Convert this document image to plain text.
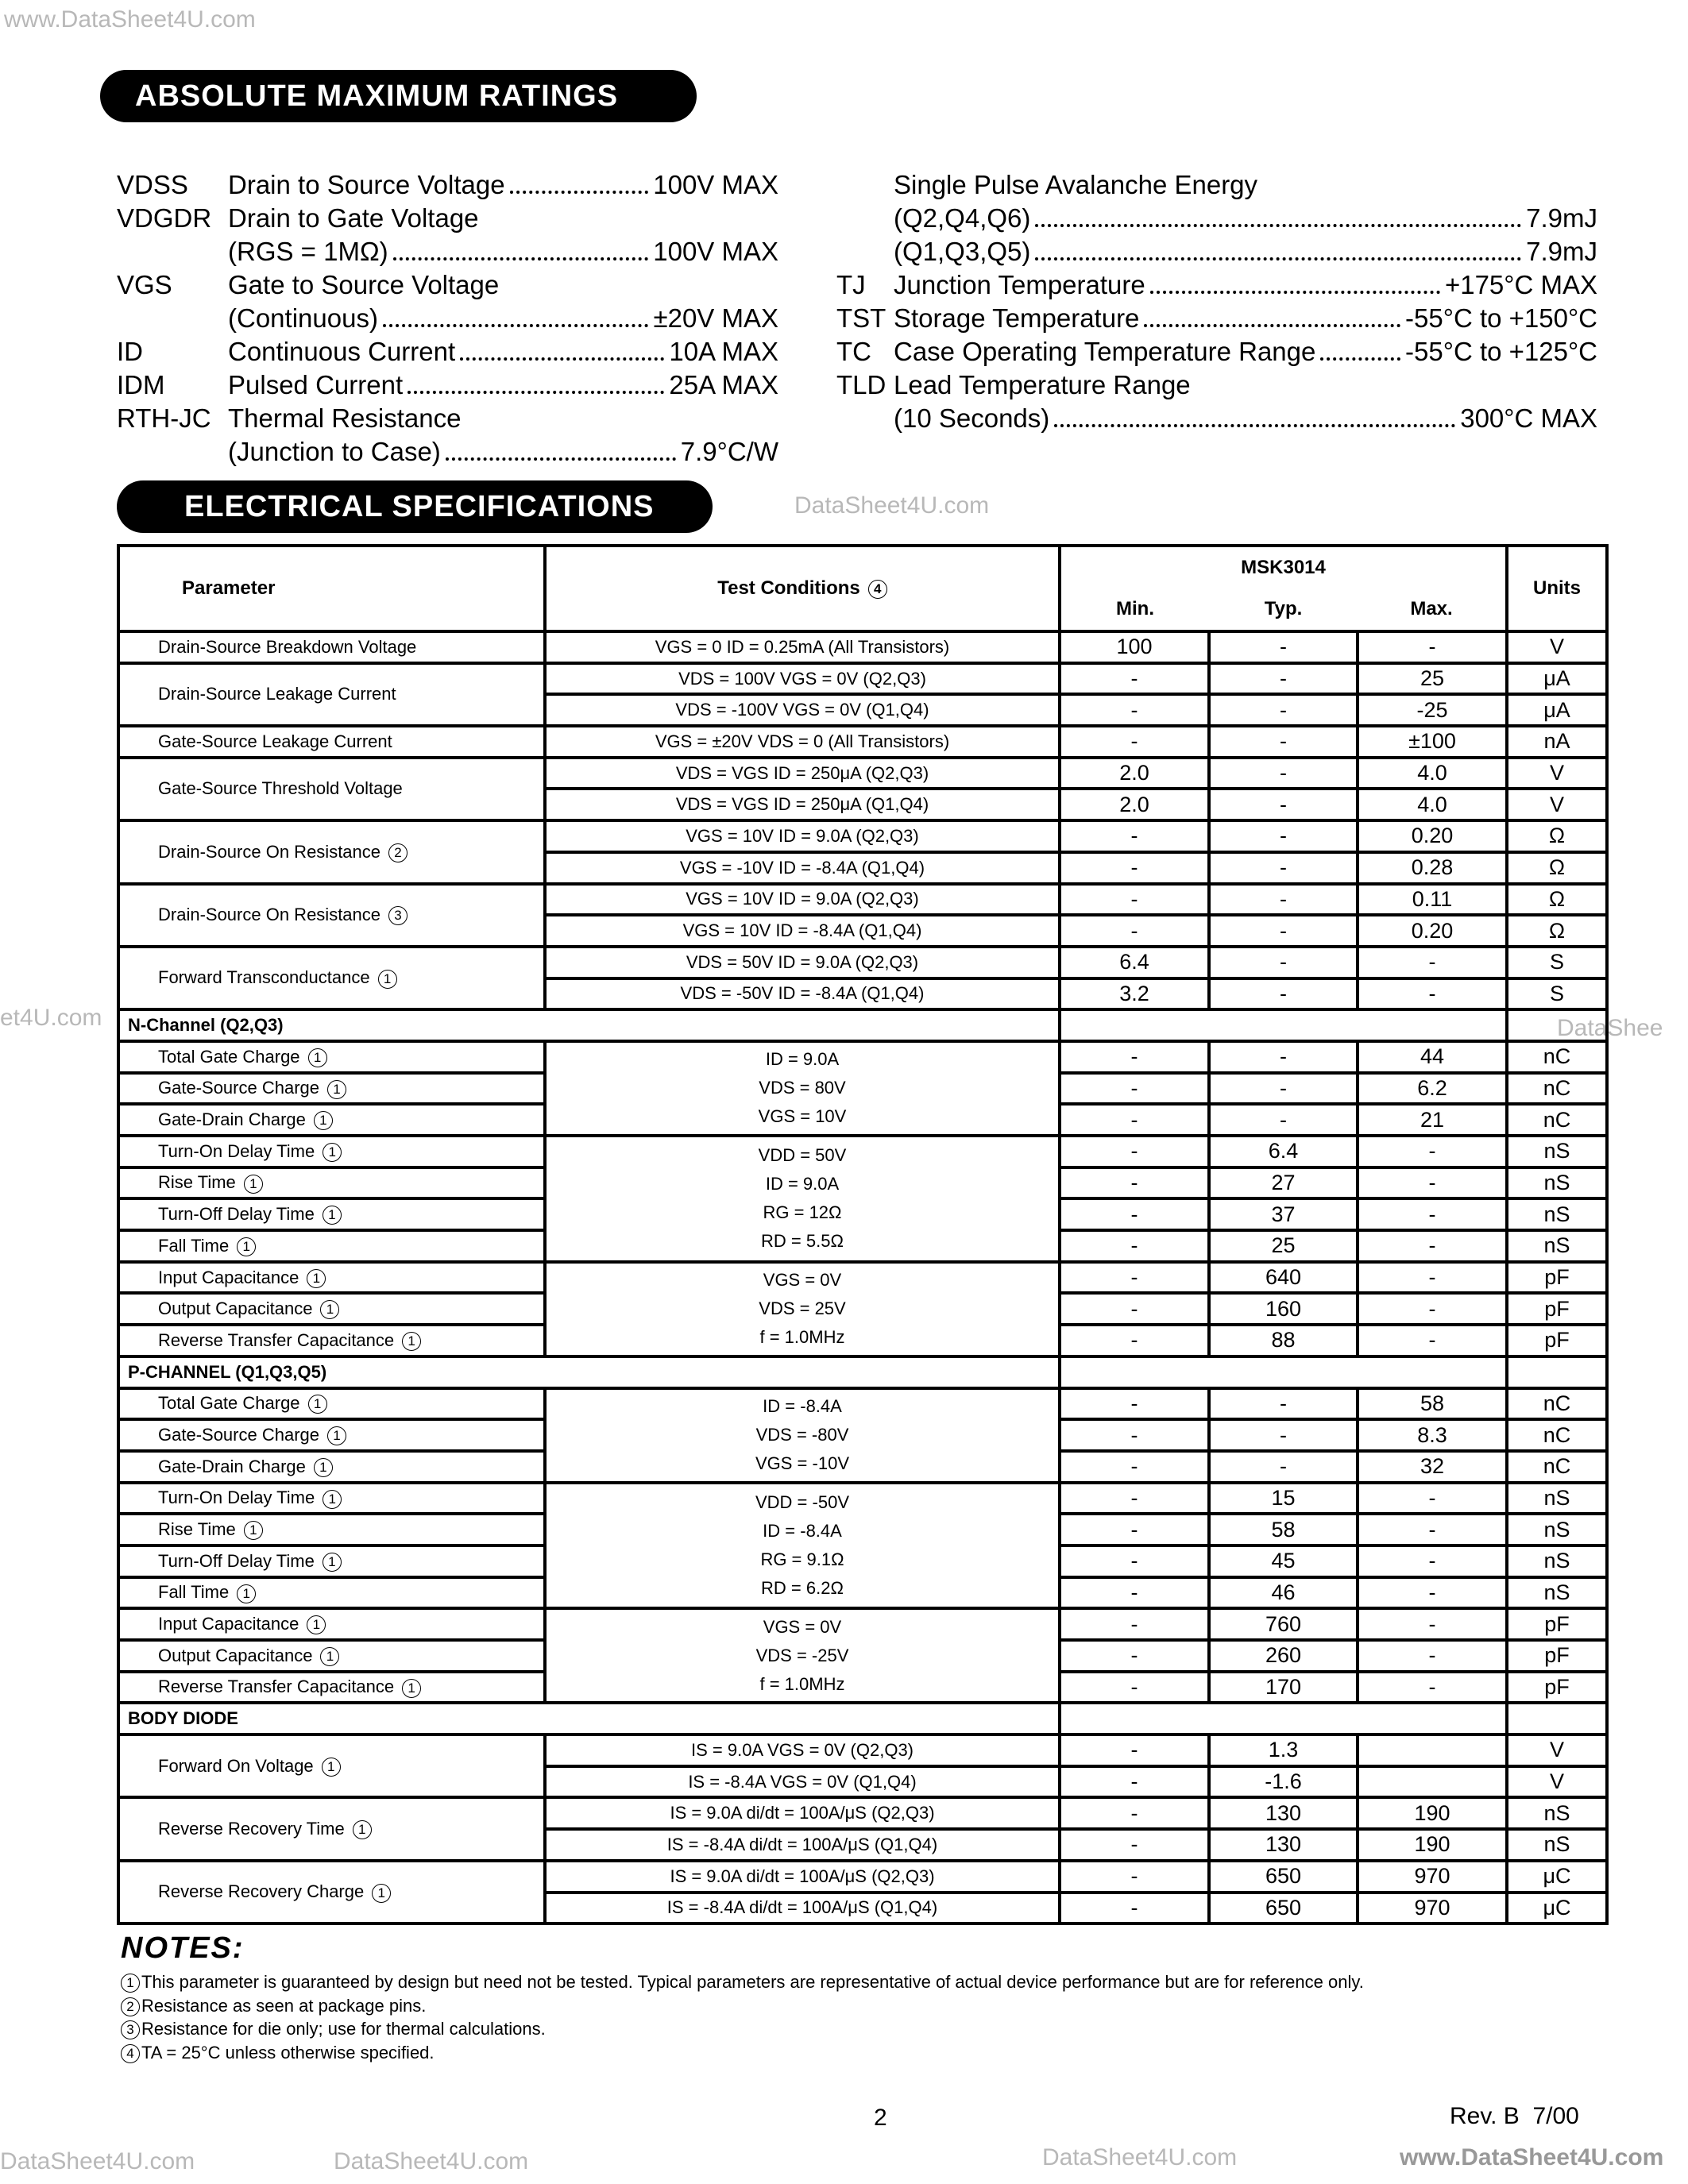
www.DataSheet4U.com
et4U.com	DataShee
DataSheet4U.com
DataSheet4U.com	www.DataSheet4U.com
DataSheet4U.com
DataSheet4U.com
ABSOLUTE MAXIMUM RATINGS
VDSS	Drain to Source Voltage	100V MAX
VDGDR Drain to Gate Voltage
(RGS = 1MΩ)	100V MAX
VGS	Gate to Source Voltage
(Continuous)	±20V MAX
ID	Continuous Current	10A MAX
IDM	Pulsed Current	25A MAX
RTH-JC Thermal Resistance
(Junction to Case)	7.9°C/W
Single Pulse Avalanche Energy
(Q2,Q4,Q6)	7.9mJ
(Q1,Q3,Q5)	7.9mJ
TJ	Junction Temperature	+175°C MAX
TST Storage Temperature	-55°C to +150°C
TC Case Operating Temperature Range	-55°C to +125°C
TLD Lead Temperature Range
(10 Seconds)	300°C MAX
ELECTRICAL SPECIFICATIONS
Parameter	Test Conditions 4	MSK3014			Units
		Min.	Typ.	Max.	
Drain-Source Breakdown Voltage	VGS = 0 ID = 0.25mA (All Transistors)	100	-	-	V
Drain-Source Leakage Current	VDS = 100V VGS = 0V (Q2,Q3)	-	-	25	μA
	VDS = -100V VGS = 0V (Q1,Q4)	-	-	-25	μA
Gate-Source Leakage Current	VGS = ±20V VDS = 0 (All Transistors)	-	-	±100	nA
Gate-Source Threshold Voltage	VDS = VGS ID = 250μA (Q2,Q3)	2.0	-	4.0	V
	VDS = VGS ID = 250μA (Q1,Q4)	2.0	-	4.0	V
Drain-Source On Resistance 2	VGS = 10V ID = 9.0A (Q2,Q3)	-	-	0.20	Ω
	VGS = -10V ID = -8.4A (Q1,Q4)	-	-	0.28	Ω
Drain-Source On Resistance 3	VGS = 10V ID = 9.0A (Q2,Q3)	-	-	0.11	Ω
	VGS = 10V ID = -8.4A (Q1,Q4)	-	-	0.20	Ω
Forward Transconductance 1	VDS = 50V ID = 9.0A (Q2,Q3)	6.4	-	-	S
	VDS = -50V ID = -8.4A (Q1,Q4)	3.2	-	-	S
N-Channel (Q2,Q3)					
Total Gate Charge 1	ID = 9.0A
VDS = 80V
VGS = 10V	-	-	44	nC
Gate-Source Charge 1		-	-	6.2	nC
Gate-Drain Charge 1		-	-	21	nC
Turn-On Delay Time 1	VDD = 50V
ID = 9.0A
RG = 12Ω
RD = 5.5Ω	-	6.4	-	nS
Rise Time 1		-	27	-	nS
Turn-Off Delay Time 1		-	37	-	nS
Fall Time 1		-	25	-	nS
Input Capacitance 1	VGS = 0V
VDS = 25V
f = 1.0MHz	-	640	-	pF
Output Capacitance 1		-	160	-	pF
Reverse Transfer Capacitance 1		-	88	-	pF
P-CHANNEL (Q1,Q3,Q5)					
Total Gate Charge 1	ID = -8.4A
VDS = -80V
VGS = -10V	-	-	58	nC
Gate-Source Charge 1		-	-	8.3	nC
Gate-Drain Charge 1		-	-	32	nC
Turn-On Delay Time 1	VDD = -50V
ID = -8.4A
RG = 9.1Ω
RD = 6.2Ω	-	15	-	nS
Rise Time 1		-	58	-	nS
Turn-Off Delay Time 1		-	45	-	nS
Fall Time 1		-	46	-	nS
Input Capacitance 1	VGS = 0V
VDS = -25V
f = 1.0MHz	-	760	-	pF
Output Capacitance 1		-	260	-	pF
Reverse Transfer Capacitance 1		-	170	-	pF
BODY DIODE					
Forward On Voltage 1	IS = 9.0A VGS = 0V (Q2,Q3)	-	1.3		V
	IS = -8.4A VGS = 0V (Q1,Q4)	-	-1.6		V
Reverse Recovery Time 1	IS = 9.0A di/dt = 100A/μS (Q2,Q3)	-	130	190	nS
	IS = -8.4A di/dt = 100A/μS (Q1,Q4)	-	130	190	nS
Reverse Recovery Charge 1	IS = 9.0A di/dt = 100A/μS (Q2,Q3)	-	650	970	μC
	IS = -8.4A di/dt = 100A/μS (Q1,Q4)	-	650	970	μC
NOTES:
1 This parameter is guaranteed by design but need not be tested. Typical parameters are representative of actual device performance but are for reference only.
2 Resistance as seen at package pins.
3 Resistance for die only; use for thermal calculations.
4 TA = 25°C unless otherwise specified.
2	Rev. B  7/00
